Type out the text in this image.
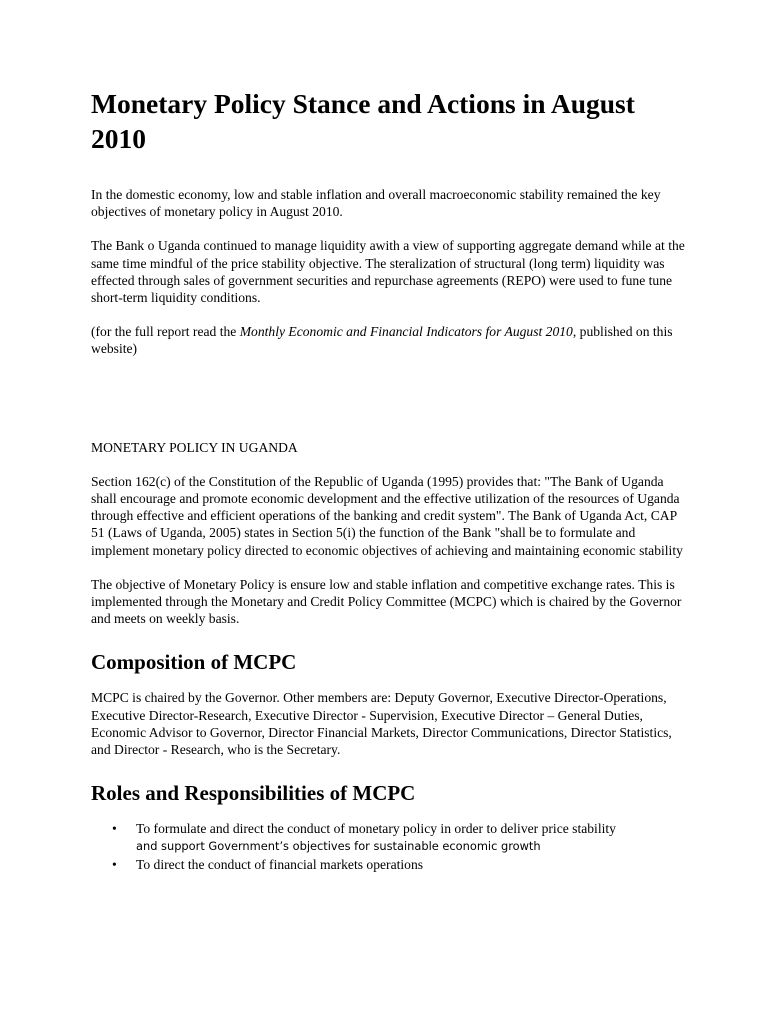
Monetary Policy Stance and Actions in August 2010

In the domestic economy, low and stable inflation and overall macroeconomic stability remained the key objectives of monetary policy in August 2010.

The Bank o Uganda continued to manage liquidity awith a view of supporting aggregate demand while at the same time mindful of the price stability objective. The steralization of structural (long term) liquidity was effected through sales of government securities and repurchase agreements (REPO) were used to fune tune short-term liquidity conditions.

(for the full report read the Monthly Economic and Financial Indicators for August 2010, published on this website)

MONETARY POLICY IN UGANDA

Section 162(c) of the Constitution of the Republic of Uganda (1995) provides that: "The Bank of Uganda shall encourage and promote economic development and the effective utilization of the resources of Uganda through effective and efficient operations of the banking and credit system". The Bank of Uganda Act, CAP 51 (Laws of Uganda, 2005) states in Section 5(i) the function of the Bank "shall be to formulate and implement monetary policy directed to economic objectives of achieving and maintaining economic stability

The objective of Monetary Policy is ensure low and stable inflation and competitive exchange rates. This is implemented through the Monetary and Credit Policy Committee (MCPC) which is chaired by the Governor and meets on weekly basis.

Composition of MCPC

MCPC is chaired by the Governor. Other members are: Deputy Governor, Executive Director-Operations, Executive Director-Research, Executive Director - Supervision, Executive Director – General Duties, Economic Advisor to Governor, Director Financial Markets, Director Communications, Director Statistics, and Director - Research, who is the Secretary.

Roles and Responsibilities of MCPC
• To formulate and direct the conduct of monetary policy in order to deliver price stability
and support Government’s objectives for sustainable economic growth
• To direct the conduct of financial markets operations
